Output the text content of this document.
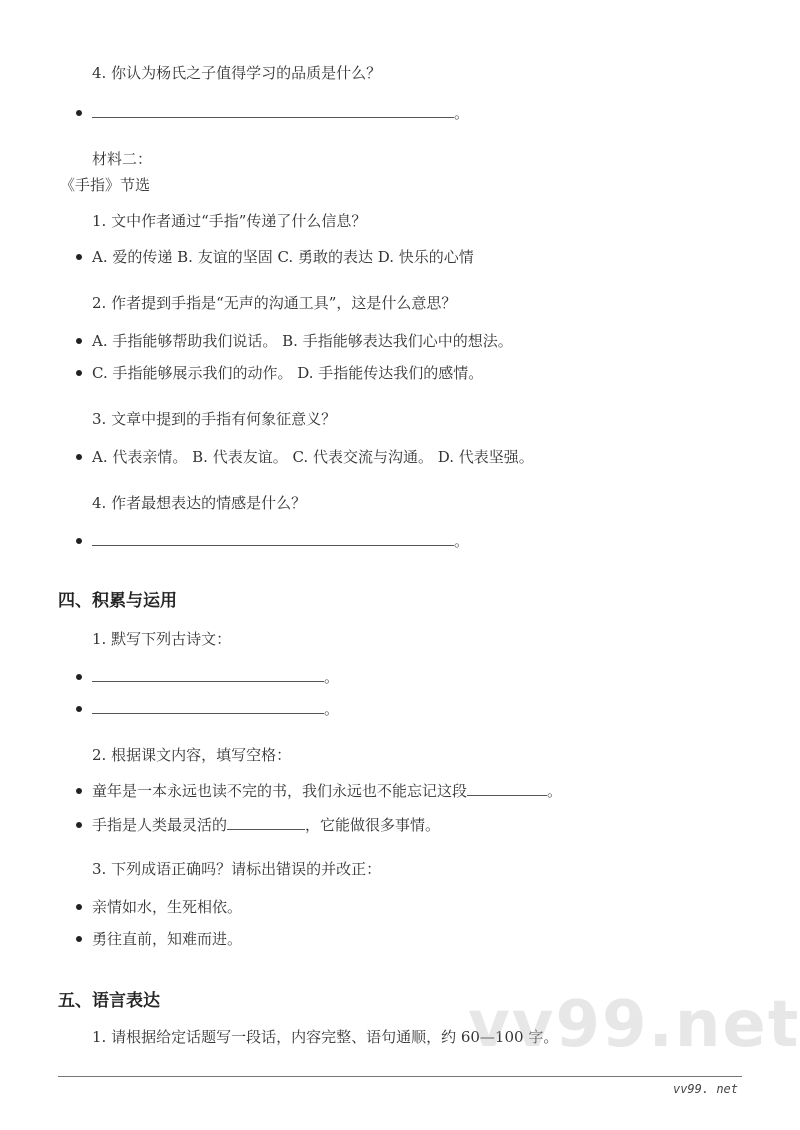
4. 你认为杨氏之子值得学习的品质是什么？
。
材料二：
《手指》节选
1. 文中作者通过“手指”传递了什么信息？
A. 爱的传递 B. 友谊的坚固 C. 勇敢的表达 D. 快乐的心情
2. 作者提到手指是“无声的沟通工具”，这是什么意思？
A. 手指能够帮助我们说话。 B. 手指能够表达我们心中的想法。
C. 手指能够展示我们的动作。 D. 手指能传达我们的感情。
3. 文章中提到的手指有何象征意义？
A. 代表亲情。 B. 代表友谊。 C. 代表交流与沟通。 D. 代表坚强。
4. 作者最想表达的情感是什么？
。
四、积累与运用
1. 默写下列古诗文：
。
。
2. 根据课文内容，填写空格：
童年是一本永远也读不完的书，我们永远也不能忘记这段	。
手指是人类最灵活的	，它能做很多事情。
3. 下列成语正确吗？请标出错误的并改正：
亲情如水，生死相依。
勇往直前，知难而进。
五、语言表达
1. 请根据给定话题写一段话，内容完整、语句通顺，约 60—100 字。
vv99.net
vv99. net
